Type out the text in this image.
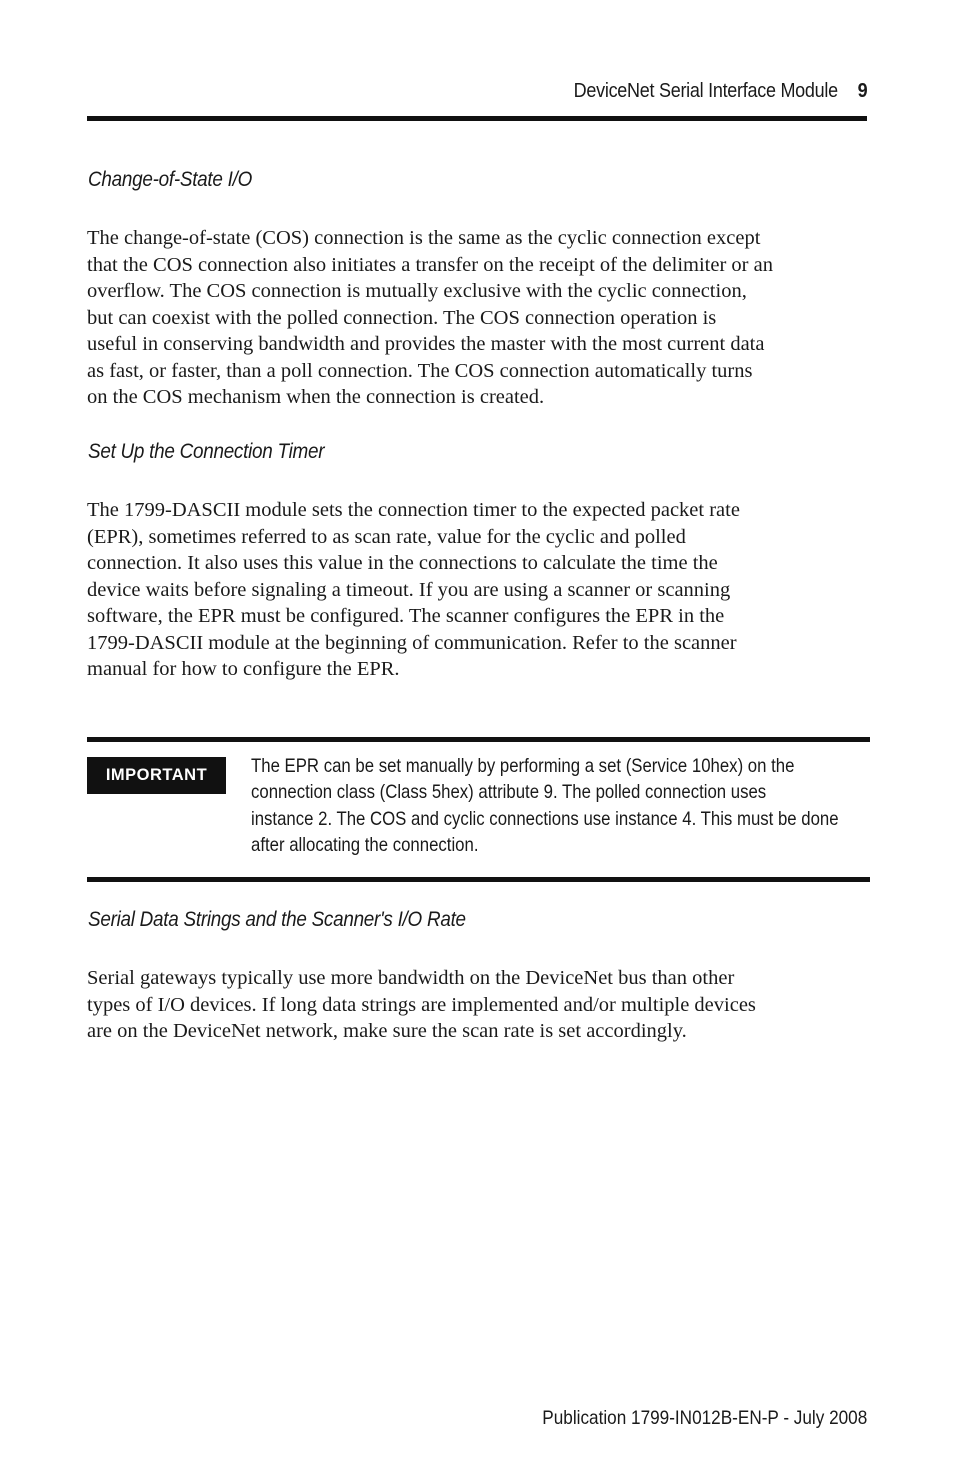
DeviceNet Serial Interface Module 9
Change-of-State I/O
The change-of-state (COS) connection is the same as the cyclic connection except
that the COS connection also initiates a transfer on the receipt of the delimiter or an
overflow. The COS connection is mutually exclusive with the cyclic connection,
but can coexist with the polled connection. The COS connection operation is
useful in conserving bandwidth and provides the master with the most current data
as fast, or faster, than a poll connection. The COS connection automatically turns
on the COS mechanism when the connection is created.
Set Up the Connection Timer
The 1799-DASCII module sets the connection timer to the expected packet rate
(EPR), sometimes referred to as scan rate, value for the cyclic and polled
connection. It also uses this value in the connections to calculate the time the
device waits before signaling a timeout. If you are using a scanner or scanning
software, the EPR must be configured. The scanner configures the EPR in the
1799-DASCII module at the beginning of communication. Refer to the scanner
manual for how to configure the EPR.
IMPORTANT	The EPR can be set manually by performing a set (Service 10hex) on the
connection class (Class 5hex) attribute 9. The polled connection uses
instance 2. The COS and cyclic connections use instance 4. This must be done
after allocating the connection.
Serial Data Strings and the Scanner's I/O Rate
Serial gateways typically use more bandwidth on the DeviceNet bus than other
types of I/O devices. If long data strings are implemented and/or multiple devices
are on the DeviceNet network, make sure the scan rate is set accordingly.
Publication 1799-IN012B-EN-P - July 2008
